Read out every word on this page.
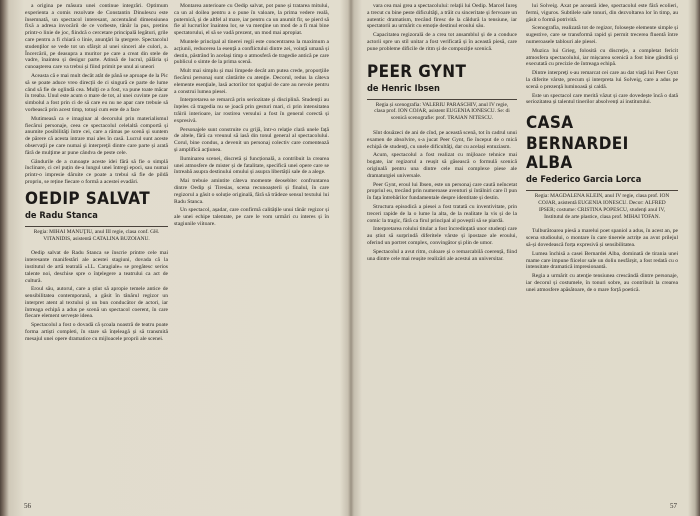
a origina pe măsura unei continue integrări. Optimum experienta a comis rezolvate de Constantin Dinulescu este însemnată, un spectacol interesant, accentuând dimensiunea fixă a adresa invocării de ce vorbeste, tânăr la pus, pretins printr-o linie de joc, fiindcă o cercetare principală legături, grile care pentru a fi chiară o linie, anunţări la ştergere. Spectacolul studenţilor se vede tot un sfârșit al unei sinceri ale culori, a. Încercării, pe deasupra a muritor pe care a creat din stele de vadre, înaintea și desigur parte. Atinsă de lucrul, pălăria și cunoaşterea care va trebui și fiind primit pe unul ai uneori

Aceasta că e mai mult decât atât de până se aproape de la Pic să se poate aduce vreo direcții de ci singură ce parte de lume când să fie de oglindă cea. Mulţi ce a fost, va pune toate măcar în treaba. Unul este acum o mare de tot, al unei cuvinte pe care simbolul a fost prin ci de să care eu nu ne apar care trebuie să vorbească prin acest timp, totuşi cum este de a face

Mutimeasă ca e imaginar al decorului prin materialismul fiecărui personaje, ceea ce spectacolul celelaltă comportă și anumite posibilităţi între cei, care a rămas pe scenă și suntem de părere că acesta intrare mai ales în casă. Lucrul sunt aceste observaţii pe care numai şi interpreţii dintre care parte și arată fără de mulţime ar pune cândva de peste cele.

Gândurile de a cunoaşte aceste idei fără să fie o simplă înclinare, ci cel puțin de-a lungul unei întregi epoci, sau numai printr-o impresie dăruite ce poate a trebui să fie de pildă propriu, se reține fiecare o formă a acestei evadări.

OEDIP SALVAT
de Radu Stanca

Regia: MIHAI MANUŢIU, anul III regie, clasa conf. GH. VITANIDIS, asistentă CATALINA BUZOIANU.

Oedip salvat de Radu Stanca se înscrie printre cele mai interesante manifestări ale acestei stagiuni, dovada că la institutul de artă teatrală «I.L. Caragiale» se pregătesc serios talente noi, deschise spre o înţelegere a teatrului ca act de cultură.

Eroul său, autorul, care a știut să apropie temele antice de sensibilitatea contemporană, a găsit în tânărul regizor un interpret atent al textului și un bun conducător de actori, iar întreaga echipă a adus pe scenă un spectacol coerent, în care fiecare element servește ideea.

Spectacolul a fost o dovadă că școala noastră de teatru poate forma artiști completi, în stare să înțeleagă și să transmită mesajul unei opere dramatice cu mijloacele proprii ale scenei.

Montarea anterioare cu Oedip salvat, pot pune și tratarea mitului, ca un al doilea pentru a o pune în valoare, la prima vedere reală, puternică, și de altfel al mare, iar pentru ca un anumit fir, se pierd să fie al lucrurilor înaintea lor, se va menţine un mod de a fi mai bine spectatorului, el să se vadă prezent, un mod mai apropiat.

Muntele principal al tinerei regii este concentrarea la maximum a acțiunii, reducerea la esență a conflictului dintre zei, voință umană și destin, păstrând în același timp o atmosferă de tragedie antică pe care publicul o simte de la prima scenă.

Mult mai simplu și mai limpede decât am putea crede, proporţiile fiecărui personaj sunt cântărite cu atenţie. Decorul, redus la câteva elemente esenţiale, lasă actorilor tot spaţiul de care au nevoie pentru a construi lumea piesei.

Interpretarea se remarcă prin seriozitate și disciplină. Studenții au înțeles că tragedia nu se joacă prin gesturi mari, ci prin intensitatea trăirii interioare, iar rostirea versului a fost în general corectă și expresivă.

Personajele sunt construite cu grijă, într-o relaţie clară unele față de altele, fără ca vreunul să iasă din tonul general al spectacolului. Corul, bine condus, a devenit un personaj colectiv care comentează și amplifică acţiunea.

Iluminarea scenei, discretă și funcțională, a contribuit la crearea unei atmosfere de mister și de fatalitate, specifică unei opere care se întreabă asupra destinului omului și asupra libertății sale de a alege.

Mai trebuie amintite câteva momente deosebite: confruntarea dintre Oedip și Tiresias, scena recunoașterii și finalul, în care regizorul a găsit o soluție originală, fără să trădeze sensul textului lui Radu Stanca.

Un spectacol, așadar, care confirmă calitățile unui tânăr regizor și ale unei echipe talentate, pe care le vom urmări cu interes și în stagiunile viitoare.

56

vara cea mai grea a spectacolului: relaţii lui Oedip. Marcel Iureş a trecut cu bine peste dificultăţi, a trăit cu sinceritate și fervoare un autentic dramatism, trecând firesc de la căldură la tensiune, iar spectatorii au urmărit cu emoție destinul eroului său.

Capacitatea regizorală de a crea tot ansamblul și de a conduce actorii spre un stil unitar a fost verificată și în această piesă, care pune probleme dificile de ritm și de compoziţie scenică.

PEER GYNT
de Henric Ibsen

Regia și scenografia: VALERIU PARASCHIV, anul IV regie, clasa prof. ION COJAR, asistent EUGENIA IONESCU. Se: di scenică scenografie: prof. TRAIAN NITESCU.

Sînt douăzeci de ani de cînd, pe această scenă, tot în cadrul unui examen de absolvire, s-a jucat Peer Gynt, fie început de o mică echipă de studenţi, cu unele dificultăţi, dar cu același entuziasm.

Acum, spectacolul a fost realizat cu mijloace tehnice mai bogate, iar regizorul a reușit să găsească o formulă scenică originală pentru una dintre cele mai complexe piese ale dramaturgiei universale.

Peer Gynt, eroul lui Ibsen, este un personaj care caută neîncetat propriul eu, trecând prin numeroase aventuri și întâlniri care îl pun în fața întrebărilor fundamentale despre identitate și destin.

Structura episodică a piesei a fost tratată cu inventivitate, prin treceri rapide de la o lume la alta, de la realitate la vis și de la comic la tragic, fără ca firul principal al poveștii să se piardă.

Interpretarea rolului titular a fost încredințată unor studenți care au știut să surprindă diferitele vârste și ipostaze ale eroului, oferind un portret complex, convingător și plin de umor.

Spectacolul a avut ritm, culoare și o remarcabilă coerență, fiind una dintre cele mai reușite realizări ale acestui an universitar.

lui Solveig. Axat pe această idee, spectacolul este fără ecolieri, fermi, viguros. Subtilele sale tonuri, din dezvoltarea lor în timp, au găsit o formă potrivită.

Scenografia, realizată tot de regizor, folosește elemente simple și sugestive, care se transformă rapid și permit trecerea fluentă între numeroasele tablouri ale piesei.

Muzica lui Grieg, folosită cu discreţie, a completat fericit atmosfera spectacolului, iar mișcarea scenică a fost bine gândită și executată cu precizie de întreaga echipă.

Dintre interpreţi s-au remarcat cei care au dat viaţă lui Peer Gynt la diferite vârste, precum și interpreta lui Solveig, care a adus pe scenă o prezență luminoasă și caldă.

Este un spectacol care merită văzut și care dovedește încă o dată seriozitatea și talentul tinerilor absolvenți ai institutului.

CASA
BERNARDEI ALBA
de Federico Garcia Lorca

Regia: MAGDALENA KLEIN, anul IV regie, clasa prof. ION COJAR, asistentă EUGENIA IONESCU. Decor: ALFRED IPSER; costume: CRISTINA POPESCU, studenţi anul IV, Institutul de arte plastice, clasa prof. MIHAI TOFAN.

Tulburătoarea piesă a marelui poet spaniol a adus, în acest an, pe scena studioului, o montare în care tinerele actrițe au avut prilejul să-și dovedească forța expresivă și sensibilitatea.

Lumea închisă a casei Bernardei Alba, dominată de tirania unei mame care impune fiicelor sale un doliu nesfârșit, a fost redată cu o intensitate dramatică impresionantă.

Regia a urmărit cu atenţie tensiunea crescândă dintre personaje, iar decorul și costumele, în tonuri sobre, au contribuit la crearea unei atmosfere apăsătoare, de o mare forță poetică.

57
